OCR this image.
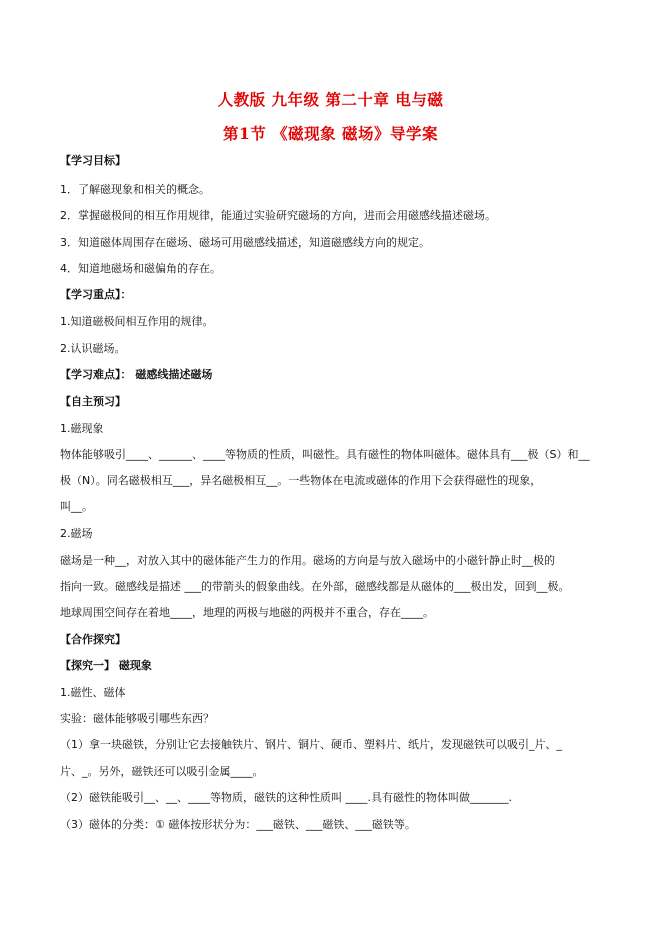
人教版 九年级 第二十章 电与磁
第1节 《磁现象 磁场》导学案
【学习目标】
1．了解磁现象和相关的概念。
2．掌握磁极间的相互作用规律，能通过实验研究磁场的方向，进而会用磁感线描述磁场。
3．知道磁体周围存在磁场、磁场可用磁感线描述，知道磁感线方向的规定。
4．知道地磁场和磁偏角的存在。
【学习重点】：
1.知道磁极间相互作用的规律。
2.认识磁场。
【学习难点】： 磁感线描述磁场
【自主预习】
1.磁现象
物体能够吸引____、______、____等物质的性质，叫磁性。具有磁性的物体叫磁体。磁体具有___极（S）和__
极（N）。同名磁极相互___，异名磁极相互__。一些物体在电流或磁体的作用下会获得磁性的现象，
叫__。
2.磁场
磁场是一种__，对放入其中的磁体能产生力的作用。磁场的方向是与放入磁场中的小磁针静止时__极的
指向一致。磁感线是描述 ___的带箭头的假象曲线。在外部，磁感线都是从磁体的___极出发，回到__极。
地球周围空间存在着地____，地理的两极与地磁的两极并不重合，存在____。
【合作探究】
【探究一】 磁现象
1.磁性、磁体
实验：磁体能够吸引哪些东西？
（1）拿一块磁铁，分别让它去接触铁片、钢片、铜片、硬币、塑料片、纸片，发现磁铁可以吸引_片、_
片、_。另外，磁铁还可以吸引金属____。
（2）磁铁能吸引__、__、____等物质，磁铁的这种性质叫 ____.具有磁性的物体叫做_______.
（3）磁体的分类：① 磁体按形状分为：___磁铁、___磁铁、___磁铁等。
